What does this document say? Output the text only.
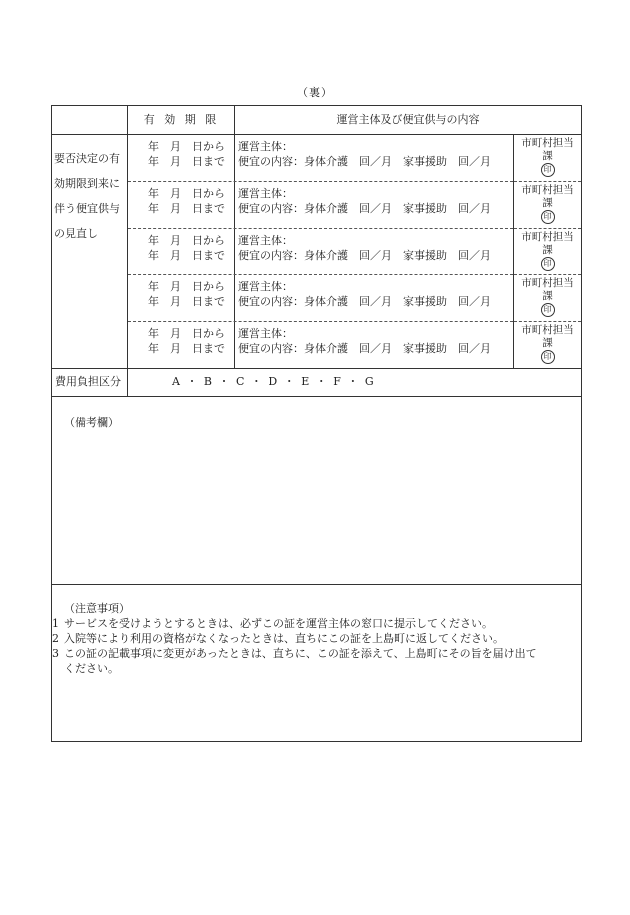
（裏）
有 効 期 限	運営主体及び便宜供与の内容
要否決定の有
効期限到来に
伴う便宜供与
の見直し
年　月　日から
年　月　日まで
運営主体：
便宜の内容：身体介護　回／月　家事援助　回／月
市町村担当
課
印
年　月　日から
年　月　日まで
運営主体：
便宜の内容：身体介護　回／月　家事援助　回／月
市町村担当
課
印
年　月　日から
年　月　日まで
運営主体：
便宜の内容：身体介護　回／月　家事援助　回／月
市町村担当
課
印
年　月　日から
年　月　日まで
運営主体：
便宜の内容：身体介護　回／月　家事援助　回／月
市町村担当
課
印
年　月　日から
年　月　日まで
運営主体：
便宜の内容：身体介護　回／月　家事援助　回／月
市町村担当
課
印
費用負担区分	A ・ B ・ C ・ D ・ E ・ F ・ G
（備考欄）
（注意事項）
1 サービスを受けようとするときは、必ずこの証を運営主体の窓口に提示してください。
2 入院等により利用の資格がなくなったときは、直ちにこの証を上島町に返してください。
3 この証の記載事項に変更があったときは、直ちに、この証を添えて、上島町にその旨を届け出て
ください。
